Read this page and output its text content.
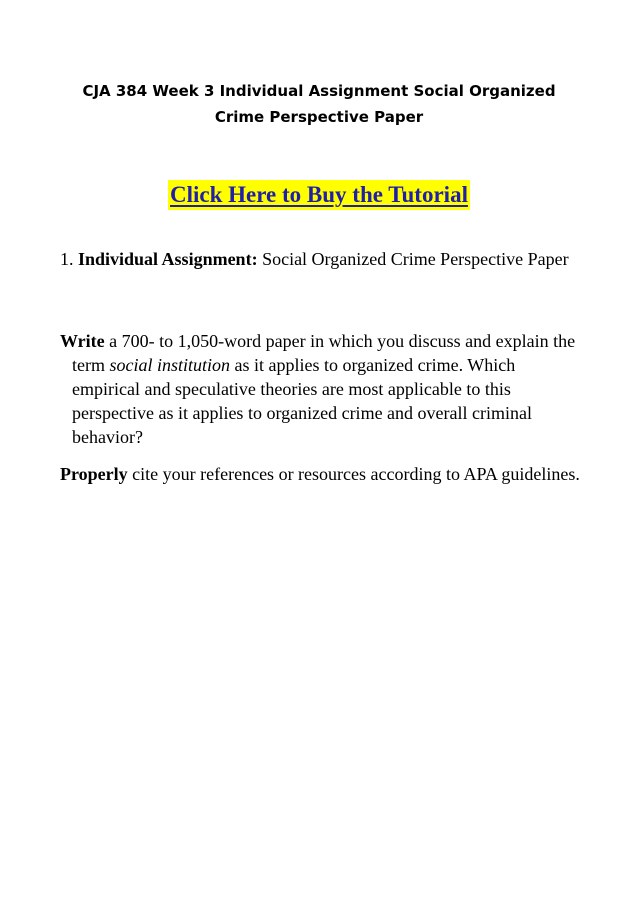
CJA 384 Week 3 Individual Assignment Social Organized
Crime Perspective Paper
Click Here to Buy the Tutorial

1. Individual Assignment: Social Organized Crime Perspective Paper

Write a 700- to 1,050-word paper in which you discuss and explain the term social institution as it applies to organized crime. Which empirical and speculative theories are most applicable to this perspective as it applies to organized crime and overall criminal behavior?

Properly cite your references or resources according to APA guidelines.
